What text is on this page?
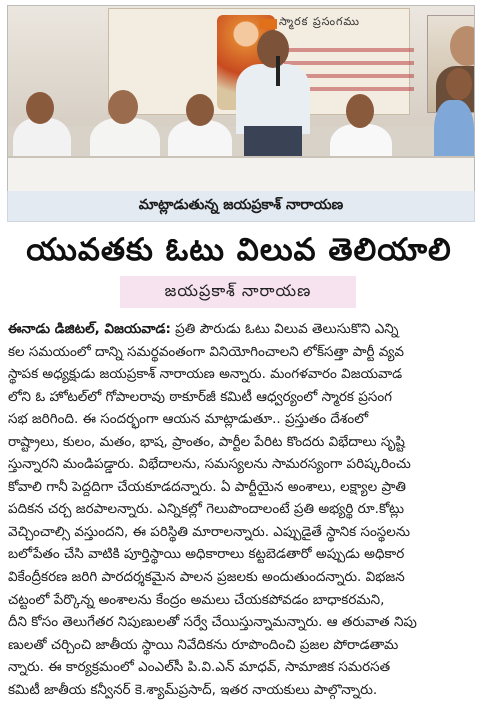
స్మారక ప్రసంగము
మాట్లాడుతున్న జయప్రకాశ్‌ నారాయణ
యువతకు ఓటు విలువ తెలియాలి
జయప్రకాశ్‌ నారాయణ
ఈనాడు డిజిటల్‌, విజయవాడ: ప్రతి పౌరుడు ఓటు విలువ తెలుసుకొని ఎన్ని
కల సమయంలో దాన్ని సమర్థవంతంగా వినియోగించాలని లోక్‌సత్తా పార్టీ వ్యవ
స్థాపక అధ్యక్షుడు జయప్రకాశ్‌ నారాయణ అన్నారు. మంగళవారం విజయవాడ
లోని ఓ హోటల్‌లో గోపాలరావు ఠాకూర్‌జీ కమిటీ ఆధ్వర్యంలో స్మారక ప్రసంగ
సభ జరిగింది. ఈ సందర్భంగా ఆయన మాట్లాడుతూ.. ప్రస్తుతం దేశంలో
రాష్ట్రాలు, కులం, మతం, భాష, ప్రాంతం, పార్టీల పేరిట కొందరు విభేదాలు సృష్టి
స్తున్నారని మండిపడ్డారు. విభేదాలను, సమస్యలను సామరస్యంగా పరిష్కరించు
కోవాలి గానీ పెద్దదిగా చేయకూడదన్నారు. ఏ పార్టీయైన అంశాలు, లక్ష్యాల ప్రాతి
పదికన చర్చ జరపాలన్నారు. ఎన్నికల్లో గెలుపొందాలంటే ప్రతి అభ్యర్థి రూ.కోట్లు
వెచ్చించాల్సి వస్తుందని, ఈ పరిస్థితి మారాలన్నారు. ఎప్పుడైతే స్థానిక సంస్థలను
బలోపేతం చేసి వాటికి పూర్తిస్థాయి అధికారాలు కట్టబెడతారో అప్పుడు అధికార
వికేంద్రీకరణ జరిగి పారదర్శకమైన పాలన ప్రజలకు అందుతుందన్నారు. విభజన
చట్టంలో పేర్కొన్న అంశాలను కేంద్రం అమలు చేయకపోవడం బాధాకరమని,
దీని కోసం తెలుగేతర నిపుణులతో సర్వే చేయిస్తున్నామన్నారు. ఆ తరువాత నిపు
ణులతో చర్చించి జాతీయ స్థాయి నివేదికను రూపొందించి ప్రజల పోరాడతామ
న్నారు. ఈ కార్యక్రమంలో ఎంఎల్‌సీ పి.వి.ఎన్‌ మాధవ్‌, సామాజిక సమరసత
కమిటీ జాతీయ కన్వీనర్‌ కె.శ్యామ్‌ప్రసాద్‌, ఇతర నాయకులు పాల్గొన్నారు.
